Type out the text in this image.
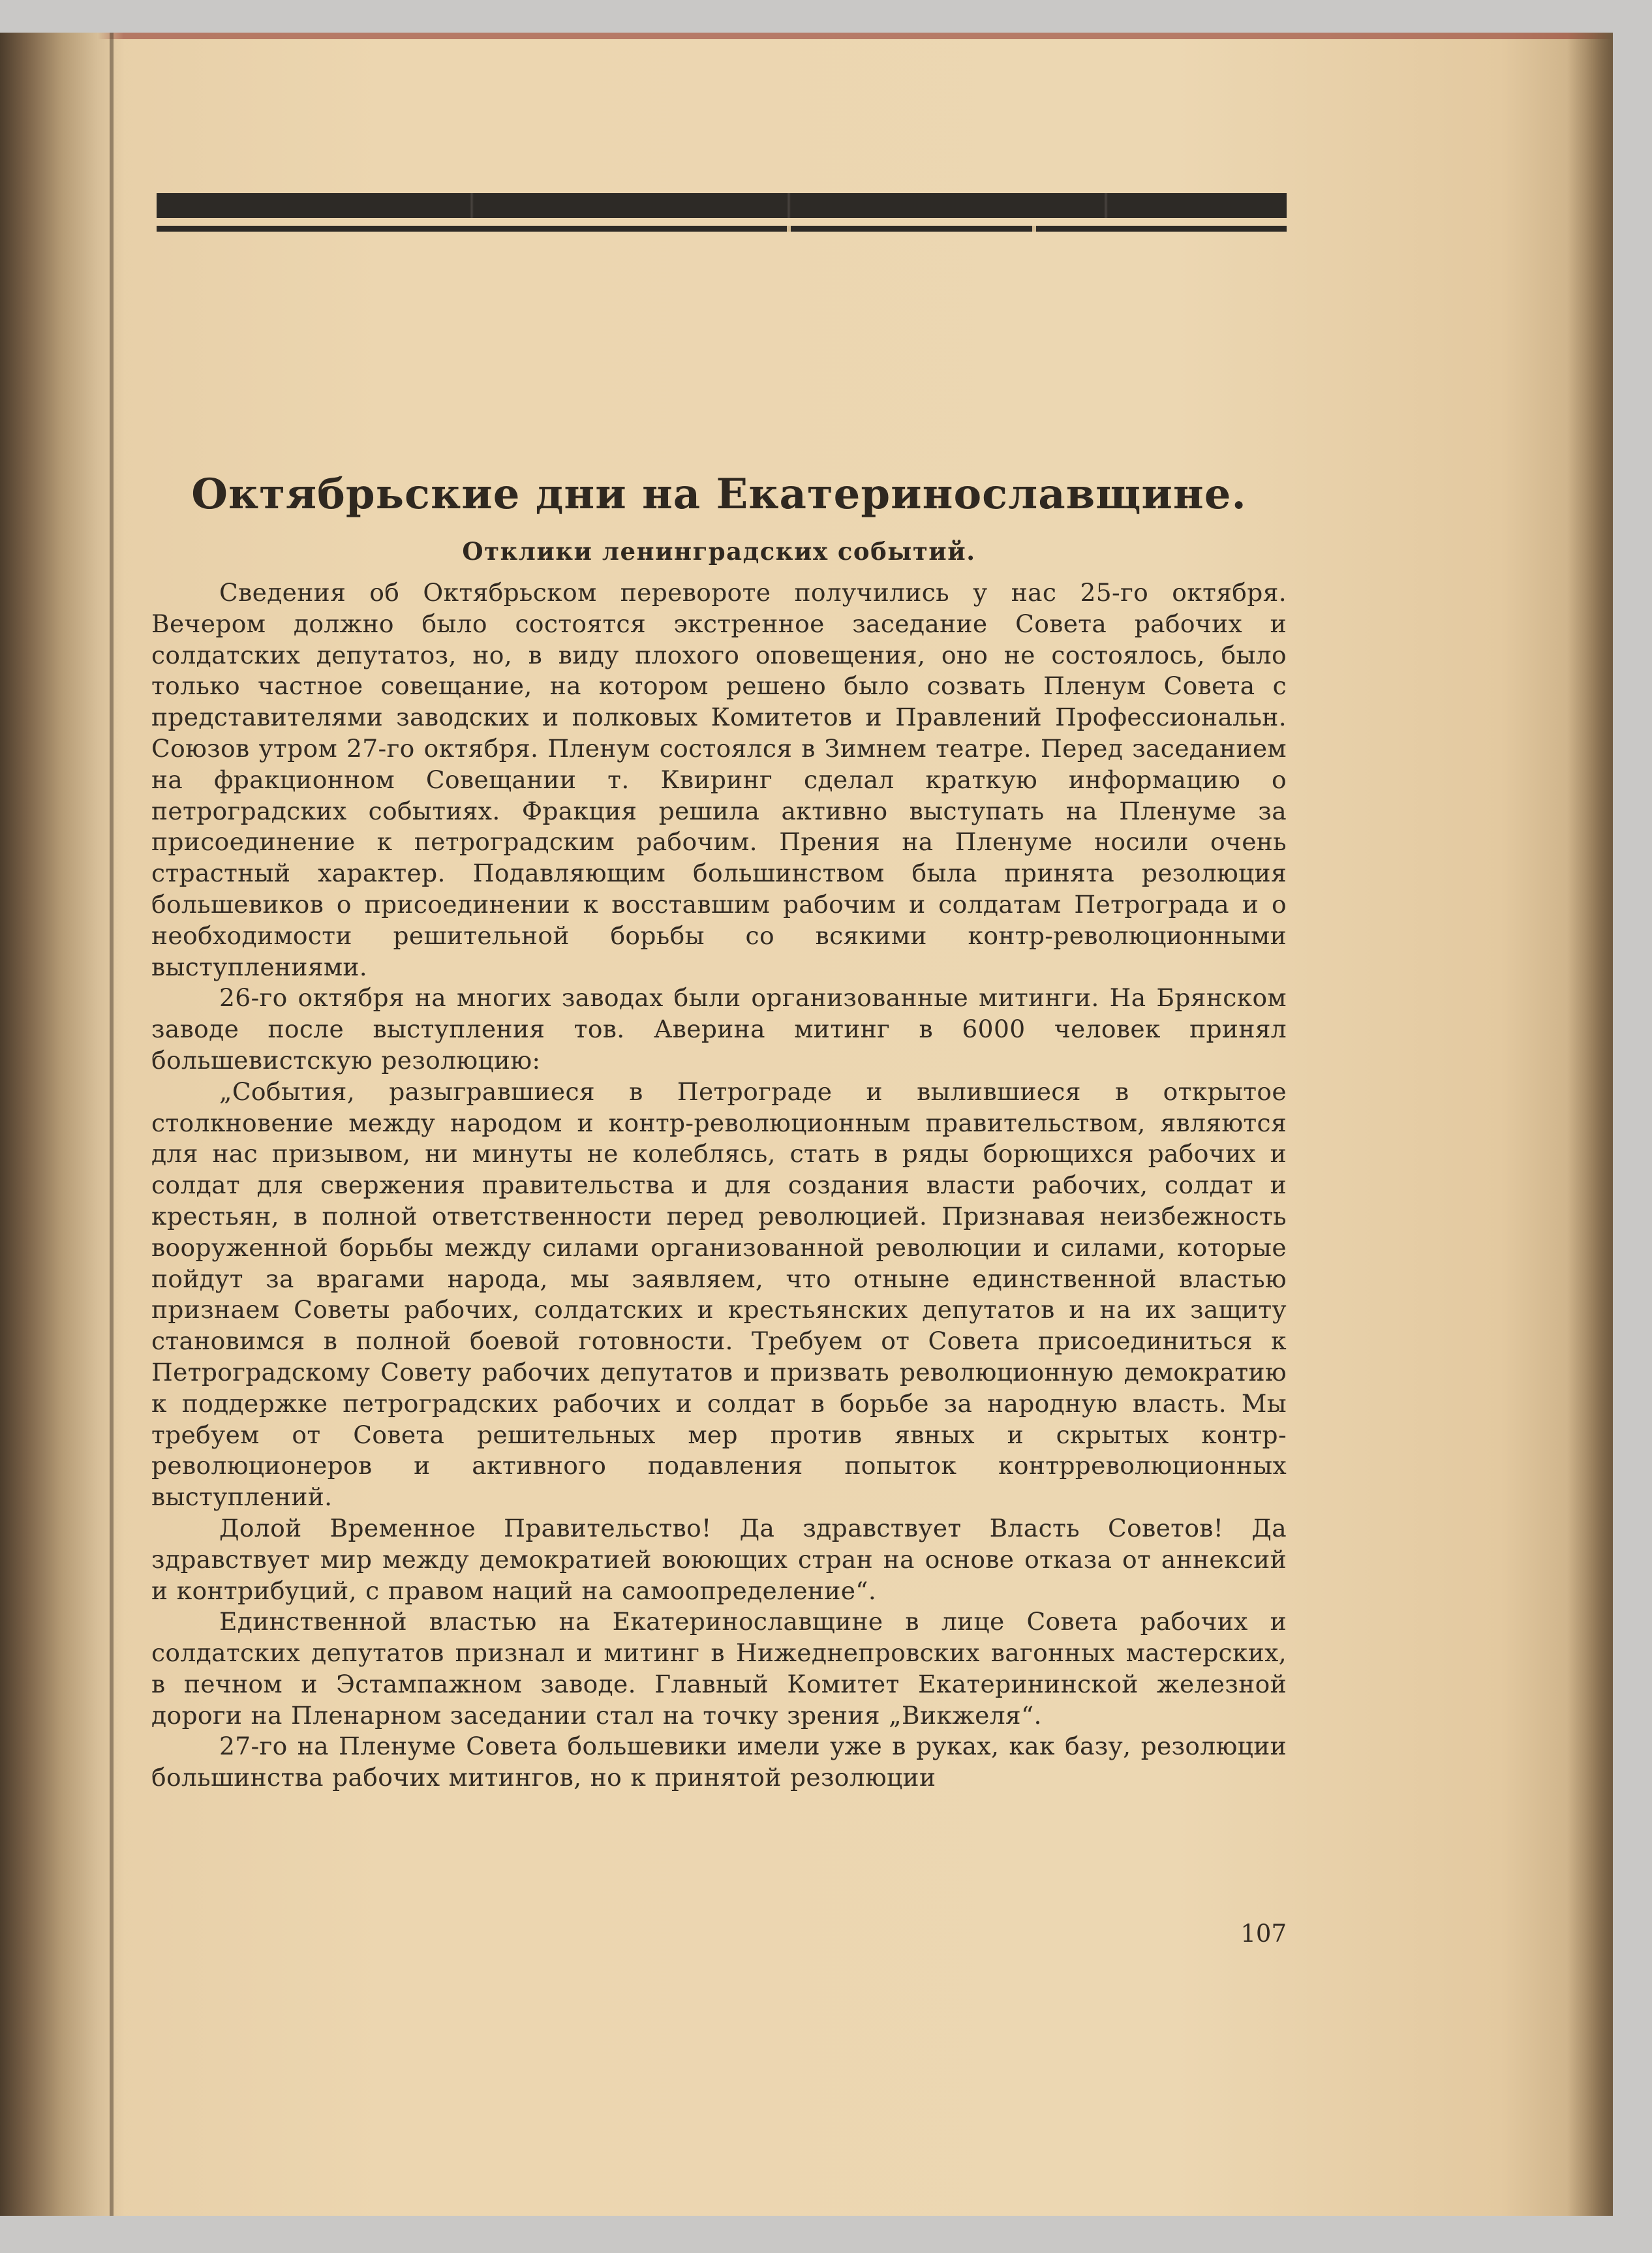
Октябрьские дни на Екатеринославщине.
Отклики ленинградских событий.

Сведения об Октябрьском перевороте получились у нас 25-го октября. Вечером должно было состоятся экстренное заседание Совета рабочих и солдатских депутатоз, но, в виду плохого оповещения, оно не состоялось, было только частное совещание, на котором решено было созвать Пленум Совета с представителями заводских и полковых Комитетов и Правлений Профессиональн. Союзов утром 27-го октября. Пленум состоялся в Зимнем театре. Перед заседанием на фракционном Совещании т. Квиринг сделал краткую информацию о петроградских событиях. Фракция решила активно выступать на Пленуме за присоединение к петроградским рабочим. Прения на Пленуме носили очень страстный характер. Подавляющим большинством была принята резолюция большевиков о присоединении к восставшим рабочим и солдатам Петрограда и о необходимости решительной борьбы со всякими контр-революционными выступлениями.

26-го октября на многих заводах были организованные митинги. На Брянском заводе после выступления тов. Аверина митинг в 6000 человек принял большевистскую резолюцию:

„События, разыгравшиеся в Петрограде и вылившиеся в открытое столкновение между народом и контр-революционным правительством, являются для нас призывом, ни минуты не колеблясь, стать в ряды борющихся рабочих и солдат для свержения правительства и для создания власти рабочих, солдат и крестьян, в полной ответственности перед революцией. Признавая неизбежность вооруженной борьбы между силами организованной революции и силами, которые пойдут за врагами народа, мы заявляем, что отныне единственной властью признаем Советы рабочих, солдатских и крестьянских депутатов и на их защиту становимся в полной боевой готовности. Требуем от Совета присоединиться к Петроградскому Совету рабочих депутатов и призвать революционную демократию к поддержке петроградских рабочих и солдат в борьбе за народную власть. Мы требуем от Совета решительных мер против явных и скрытых контр-революционеров и активного подавления попыток контрреволюционных выступлений.

Долой Временное Правительство! Да здравствует Власть Советов! Да здравствует мир между демократией воюющих стран на основе отказа от аннексий и контрибуций, с правом наций на самоопределение“.

Единственной властью на Екатеринославщине в лице Совета рабочих и солдатских депутатов признал и митинг в Нижеднепровских вагонных мастерских, в печном и Эстампажном заводе. Главный Комитет Екатерининской железной дороги на Пленарном заседании стал на точку зрения „Викжеля“.

27-го на Пленуме Совета большевики имели уже в руках, как базу, резолюции большинства рабочих митингов, но к принятой резолюции

107
